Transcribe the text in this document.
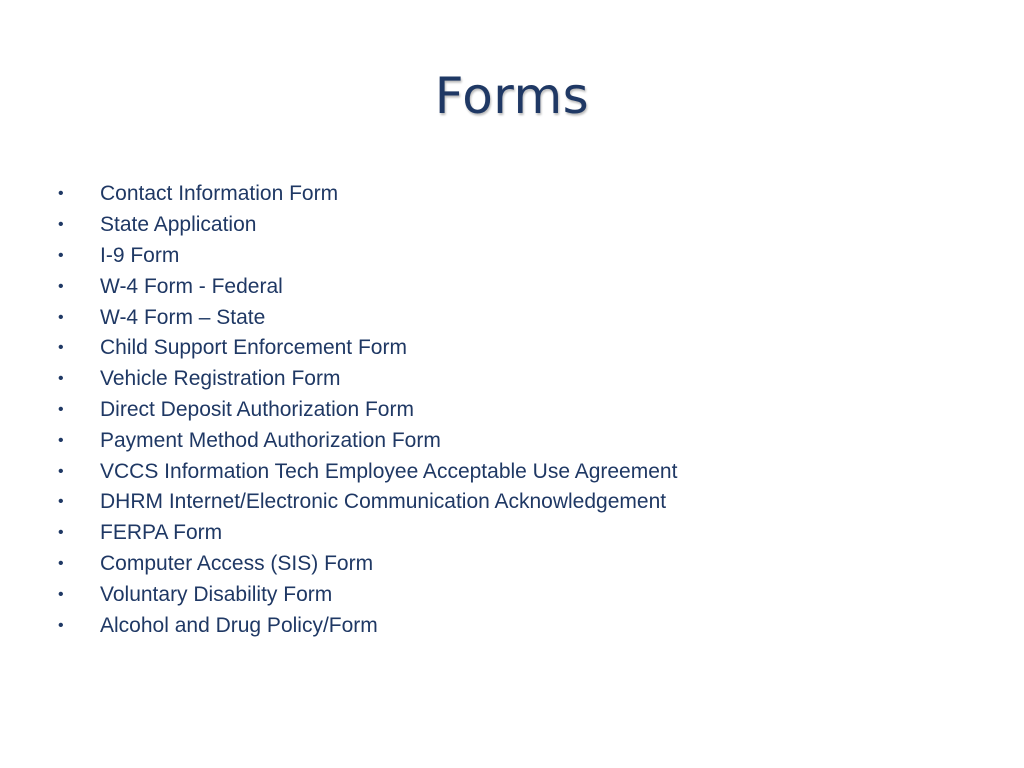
Forms
•	Contact Information Form
•	State Application
•	I-9 Form
•	W-4 Form - Federal
•	W-4 Form – State
•	Child Support Enforcement Form
•	Vehicle Registration Form
•	Direct Deposit Authorization Form
•	Payment Method Authorization Form
•	VCCS Information Tech Employee Acceptable Use Agreement
•	DHRM Internet/Electronic Communication Acknowledgement
•	FERPA Form
•	Computer Access (SIS) Form
•	Voluntary Disability Form
•	Alcohol and Drug Policy/Form
